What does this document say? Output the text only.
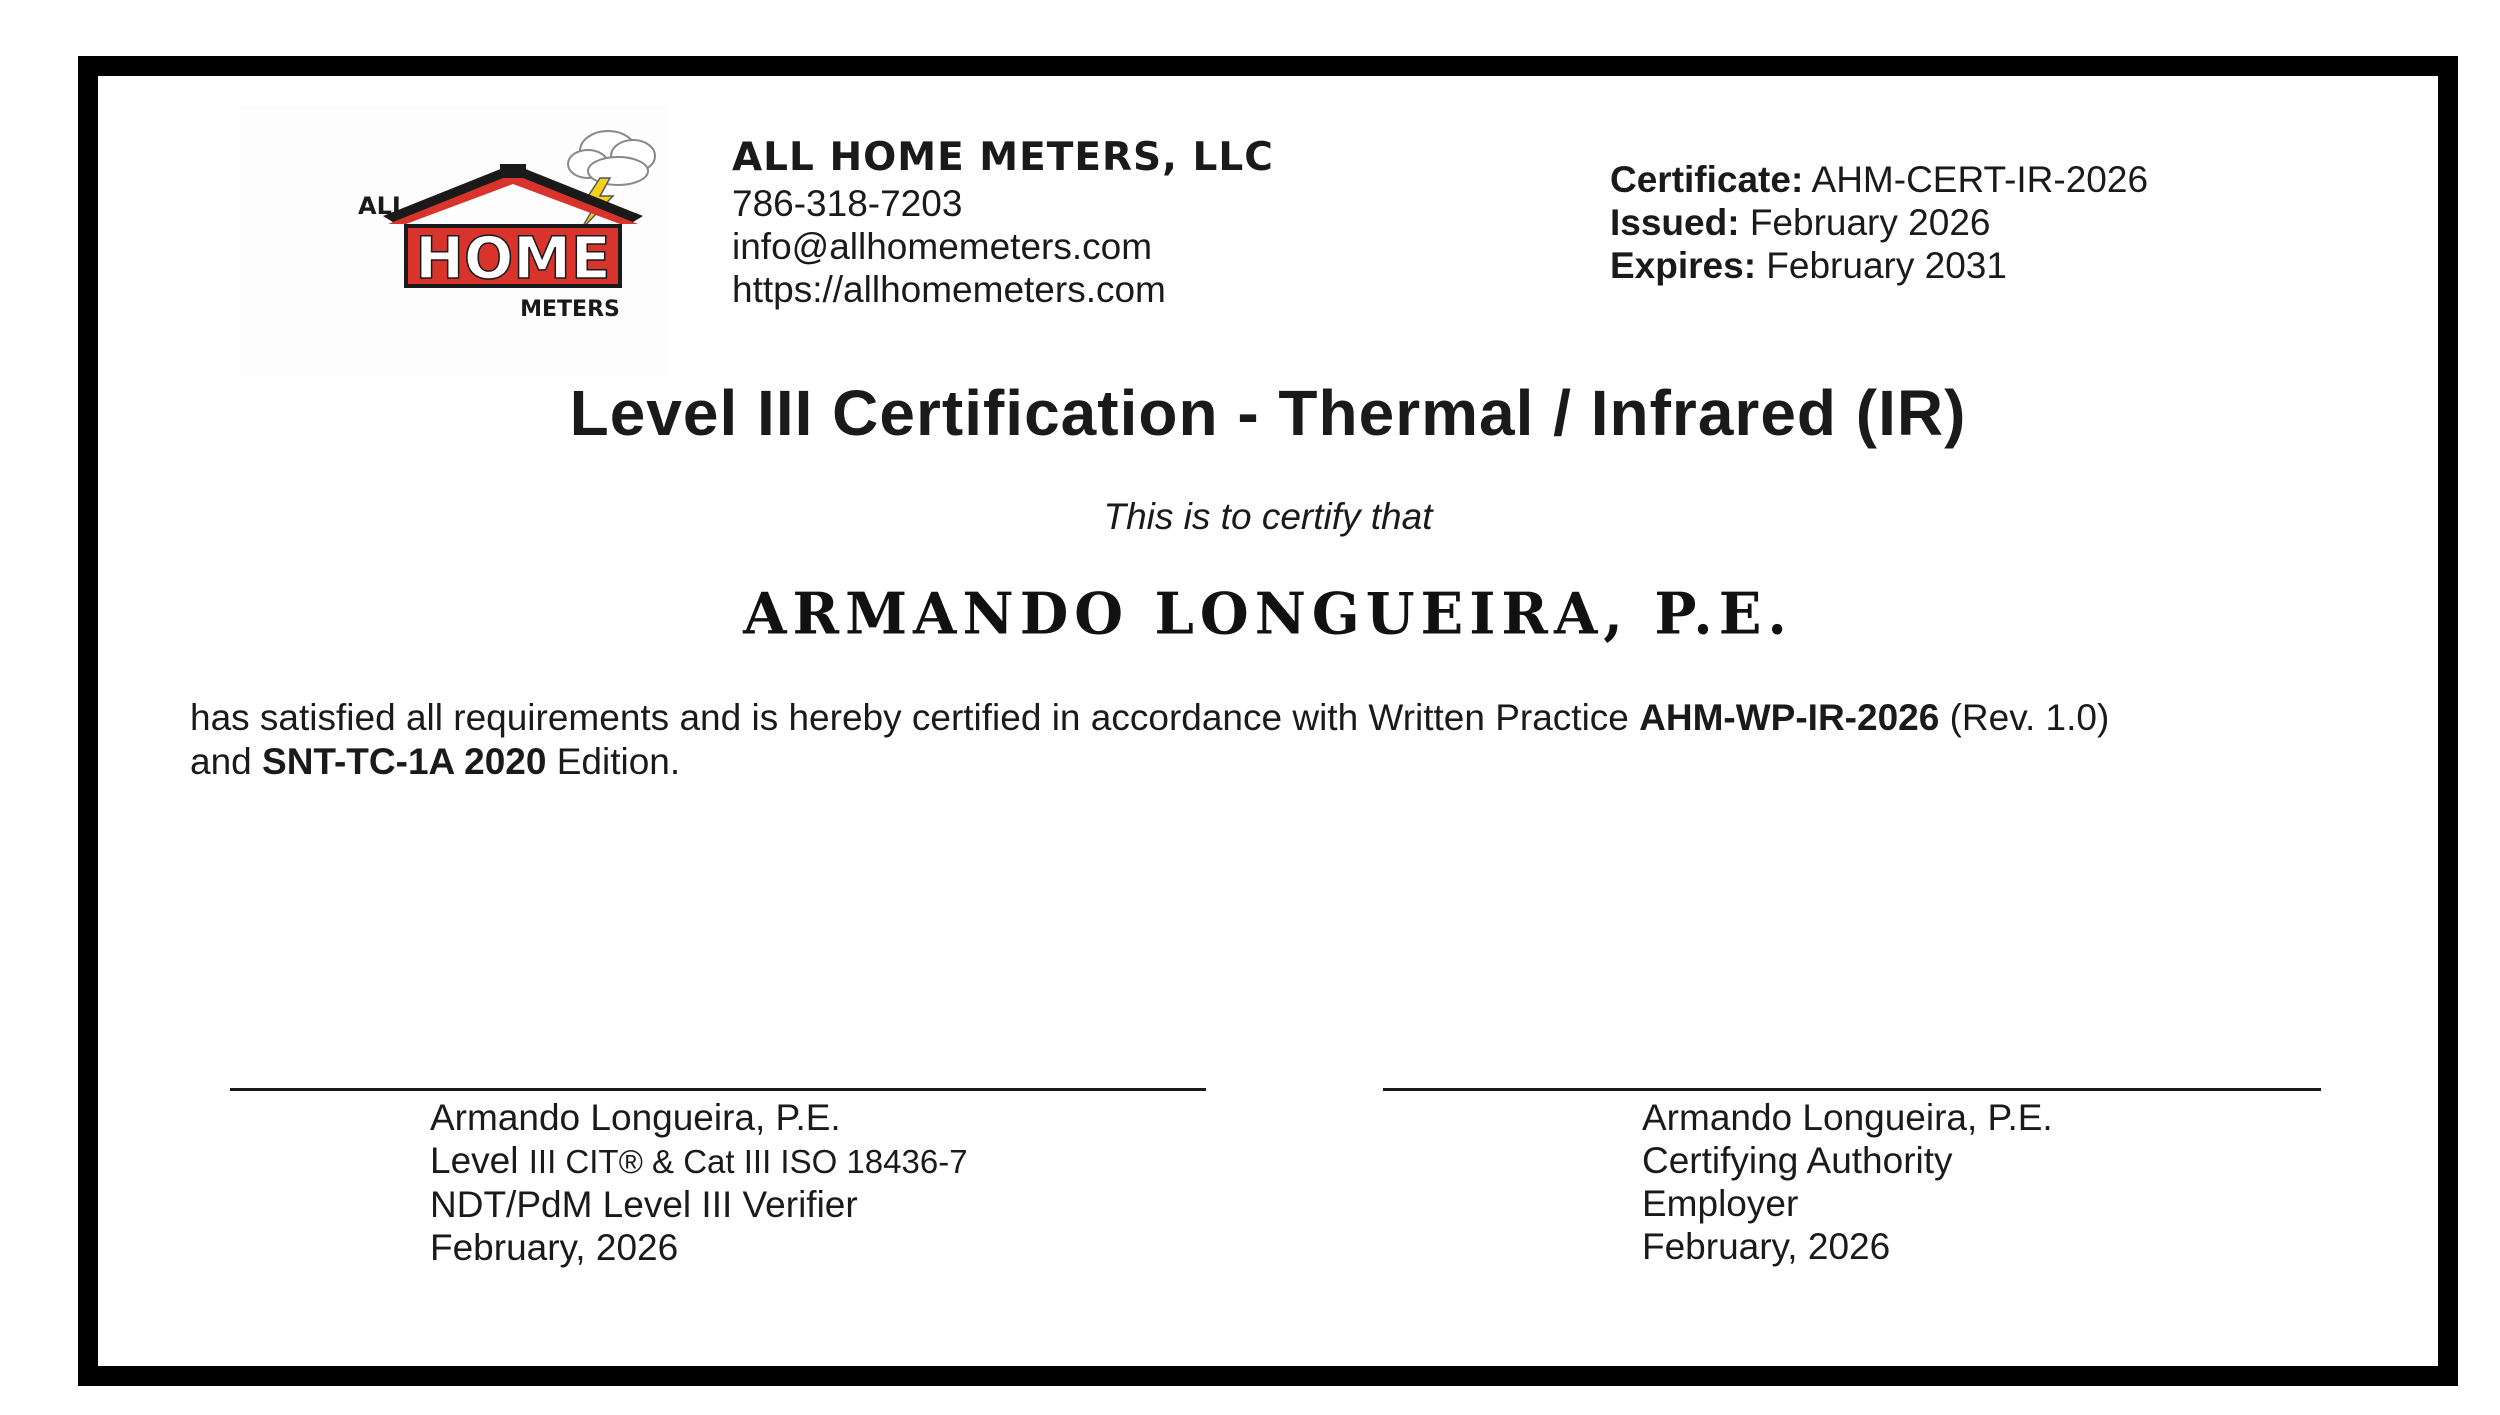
ALL
HOME
METERS
ALL HOME METERS, LLC
786-318-7203
info@allhomemeters.com
https://allhomemeters.com
Certificate: AHM-CERT-IR-2026
Issued: February 2026
Expires: February 2031
Level III Certification - Thermal / Infrared (IR)
This is to certify that
ARMANDO LONGUEIRA, P.E.
has satisfied all requirements and is hereby certified in accordance with Written Practice AHM-WP-IR-2026 (Rev. 1.0)
and SNT-TC-1A 2020 Edition.
Armando Longueira, P.E.
Level III CIT® & Cat III ISO 18436-7
NDT/PdM Level III Verifier
February, 2026
Armando Longueira, P.E.
Certifying Authority
Employer
February, 2026
